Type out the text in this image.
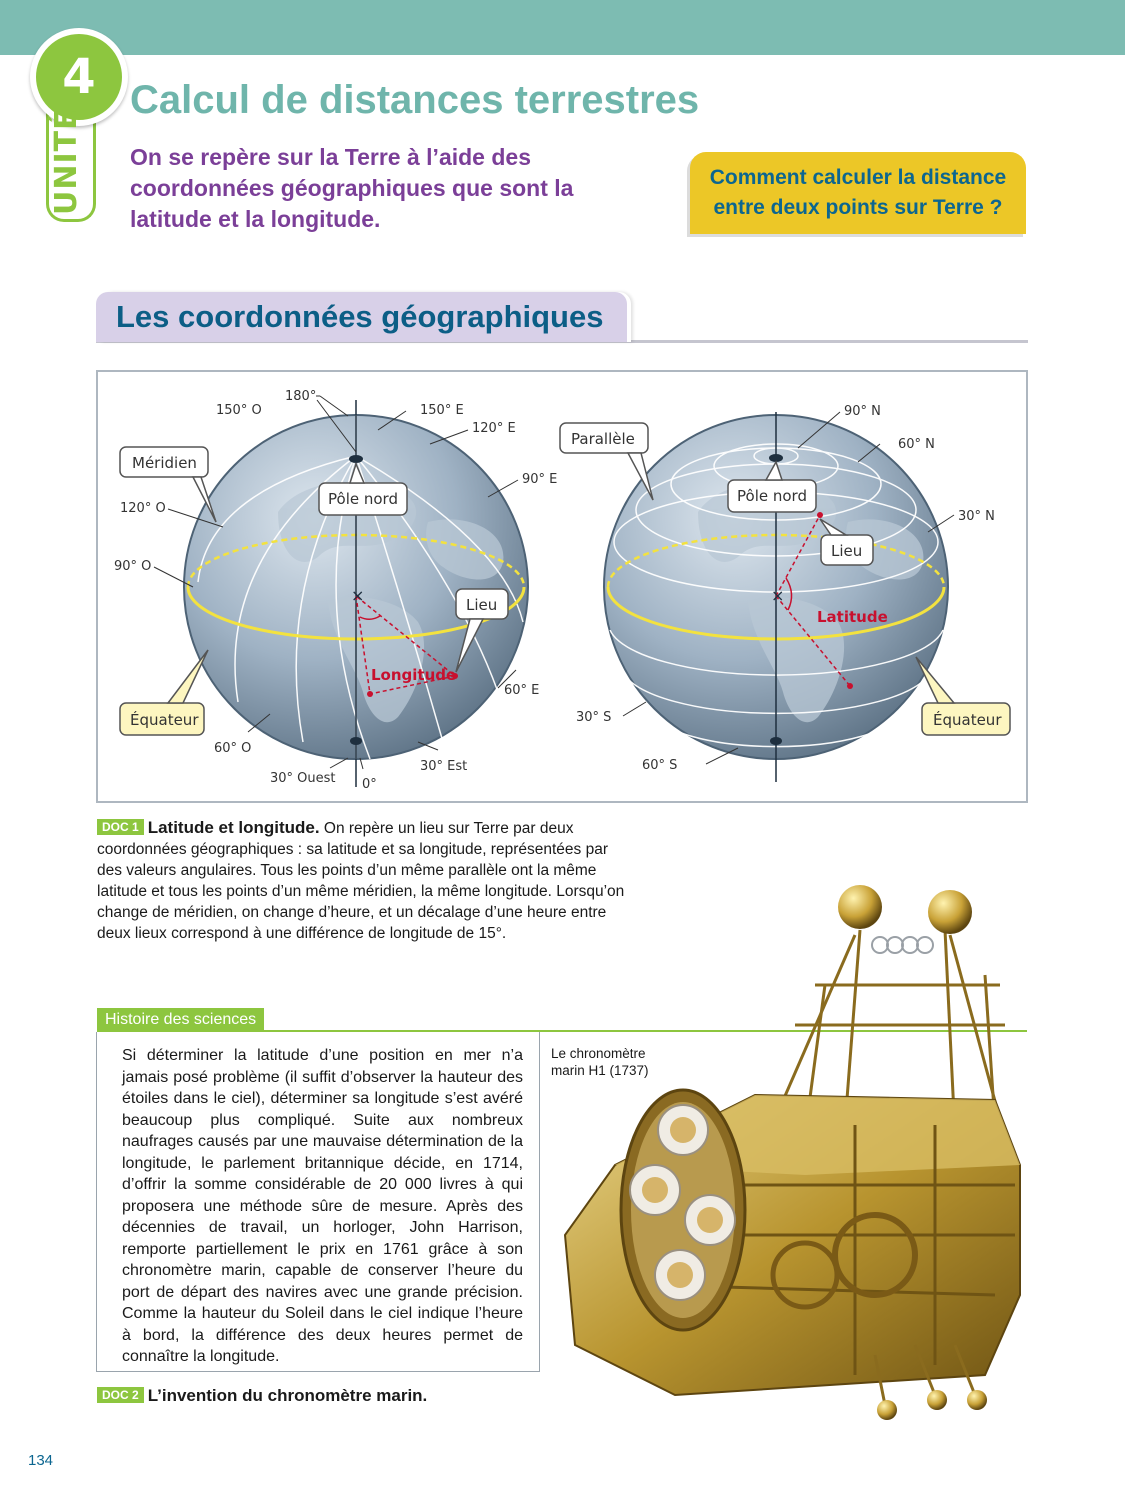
4
UNITÉ
Calcul de distances terrestres

On se repère sur la Terre à l’aide des coordonnées géographiques que sont la latitude et la longitude.

Comment calculer la distance entre deux points sur Terre ?
Les coordonnées géographiques
×
Longitude
180°
150° O	150° E
120° E
90° E
120° O
90° O
60° E
60° O
30° Ouest 0°
30° Est
Méridien
Pôle nord
Lieu
Équateur
×
Latitude
90° N
60° N
30° N
30° S
60° S
Parallèle
Pôle nord
Lieu
Équateur
DOC 1 Latitude et longitude. On repère un lieu sur Terre par deux coordonnées géographiques : sa latitude et sa longitude, représentées par des valeurs angulaires. Tous les points d’un même parallèle ont la même latitude et tous les points d’un même méridien, la même longitude. Lorsqu’on change de méridien, on change d’heure, et un décalage d’une heure entre deux lieux correspond à une différence de longitude de 15°.
Histoire des sciences
Si déterminer la latitude d’une position en mer n’a jamais posé problème (il suffit d’observer la hauteur des étoiles dans le ciel), déterminer sa longitude s’est avéré beaucoup plus compliqué. Suite aux nombreux naufrages causés par une mauvaise détermination de la longitude, le parlement britannique décide, en 1714, d’offrir la somme considérable de 20 000 livres à qui proposera une méthode sûre de mesure. Après des décennies de travail, un horloger, John Harrison, remporte partiellement le prix en 1761 grâce à son chronomètre marin, capable de conserver l’heure du port de départ des navires avec une grande précision. Comme la hauteur du Soleil dans le ciel indique l’heure à bord, la différence des deux heures permet de connaître la longitude.
Le chronomètre marin H1 (1737)
DOC 2 L’invention du chronomètre marin.
134
